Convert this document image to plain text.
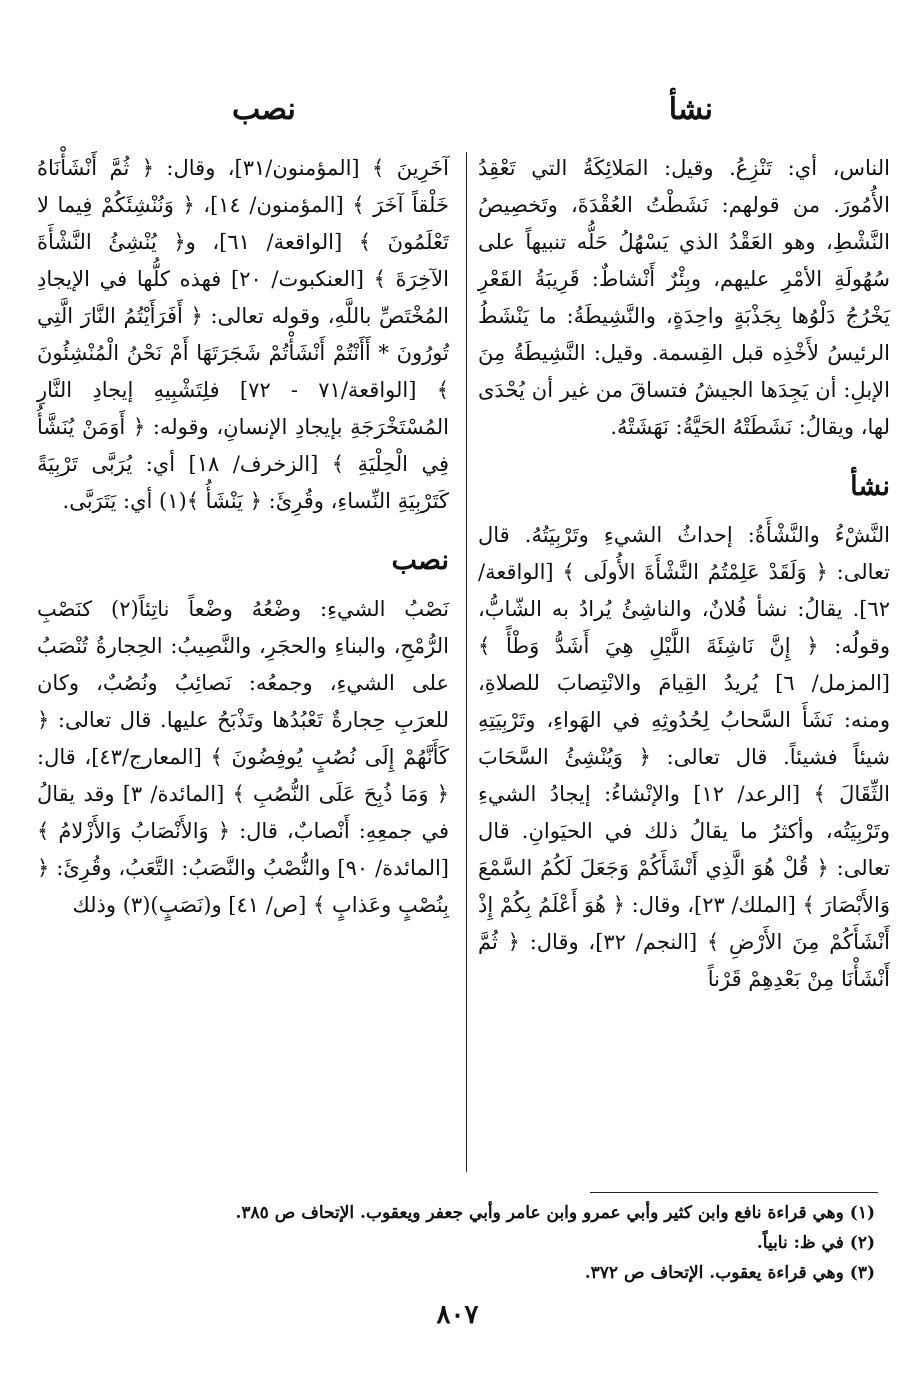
نشأ
نصب

الناس، أي: تَنْزِعُ. وقيل: المَلائِكَةُ التي تَعْقِدُ الأُمُورَ. من قولهم: نَشَطْتُ العُقْدَةَ، وتَخصِيصُ النَّشْطِ، وهو العَقْدُ الذي يَسْهُلُ حَلُّه تنبيهاً على سُهُولَةِ الأمْرِ عليهم، وبِئْرٌ أَنْشاطٌ: قَرِيبَةُ القَعْرِ يَخْرُجُ دَلْوُها بِجَذْبَةٍ واحِدَةٍ، والنَّشِيطَةُ: ما يَنْشَطُ الرئيسُ لأَخْذِه قبل القِسمة. وقيل: النَّشِيطَةُ مِنَ الإبلِ: أن يَجِدَها الجيشُ فتساقَ من غير أن يُحْدَى لها، ويقالُ: نَشَطَتْهُ الحَيَّةُ: نَهَشَتْهُ.

نشأ

النَّشْءُ والنَّشْأَةُ: إحداثُ الشيءِ وتَرْبِيَتُهُ. قال تعالى: ﴿ وَلَقَدْ عَلِمْتُمُ النَّشْأَةَ الأُولَى ﴾ [الواقعة/ ٦٢]. يقالُ: نشأ فُلانٌ، والناشِئُ يُرادُ به الشّابُّ، وقولُه: ﴿ إِنَّ نَاشِئَةَ اللَّيْلِ هِيَ أَشَدُّ وَطْأً ﴾ [المزمل/ ٦] يُريدُ القِيامَ والانْتِصابَ للصلاةِ، ومنه: نَشَأَ السَّحابُ لِحُدُوثِهِ في الهَواءِ، وتَرْبِيَتِهِ شيئاً فشيئاً. قال تعالى: ﴿ وَيُنْشِئُ السَّحَابَ الثِّقَالَ ﴾ [الرعد/ ١٢] والإنْشاءُ: إيجادُ الشيءِ وتَرْبِيَتُه، وأكثرُ ما يقالُ ذلك في الحيَوانِ. قال تعالى: ﴿ قُلْ هُوَ الَّذِي أَنْشَأَكُمْ وَجَعَلَ لَكُمُ السَّمْعَ وَالأَبْصَارَ ﴾ [الملك/ ٢٣]، وقال: ﴿ هُوَ أَعْلَمُ بِكُمْ إِذْ أَنْشَأَكُمْ مِنَ الأَرْضِ ﴾ [النجم/ ٣٢]، وقال: ﴿ ثُمَّ أَنْشَأْنَا مِنْ بَعْدِهِمْ قَرْناً

آخَرِينَ ﴾ [المؤمنون/٣١]، وقال: ﴿ ثُمَّ أَنْشَأْنَاهُ خَلْقاً آخَرَ ﴾ [المؤمنون/ ١٤]، ﴿ وَنُنْشِئَكُمْ فِيما لا تَعْلَمُونَ ﴾ [الواقعة/ ٦١]، و﴿ يُنْشِئُ النَّشْأَةَ الآخِرَةَ ﴾ [العنكبوت/ ٢٠] فهذه كلُّها في الإيجادِ المُخْتَصِّ باللَّهِ، وقوله تعالى: ﴿ أَفَرَأَيْتُمُ النَّارَ الَّتِي تُورُونَ * أَأَنْتُمْ أَنْشَأْتُمْ شَجَرَتَهَا أَمْ نَحْنُ الْمُنْشِئُونَ ﴾ [الواقعة/٧١ - ٧٢] فلِتَشْبِيهِ إيجادِ النَّارِ المُسْتَخْرَجَةِ بإيجادِ الإنسانِ، وقوله: ﴿ أَوَمَنْ يُنَشَّأُ فِي الْحِلْيَةِ ﴾ [الزخرف/ ١٨] أي: يُرَبَّى تَرْبِيَةً كَتَرْبِيَةِ النِّساءِ، وقُرِئَ: ﴿ يَنْشَأُ ﴾(١) أي: يَتَرَبَّى.

نصب

نَصْبُ الشيءِ: وضْعُهُ وضْعاً ناتِئاً(٢) كنَصْبِ الرُّمْحِ، والبناءِ والحجَرِ، والنَّصِيبُ: الحِجارةُ تُنْصَبُ على الشيءِ، وجمعُه: نَصائِبُ ونُصُبٌ، وكان للعرَبِ حِجارةٌ تَعْبُدُها وتَذْبَحُ عليها. قال تعالى: ﴿ كَأَنَّهُمْ إِلَى نُصُبٍ يُوفِضُونَ ﴾ [المعارج/٤٣]، قال: ﴿ وَمَا ذُبِحَ عَلَى النُّصُبِ ﴾ [المائدة/ ٣] وقد يقالُ في جمعِهِ: أَنْصابٌ، قال: ﴿ وَالأَنْصَابُ وَالأَزْلامُ ﴾ [المائدة/ ٩٠] والنُّصْبُ والنَّصَبُ: التَّعَبُ، وقُرِئَ: ﴿ بِنُصْبٍ وعَذابٍ ﴾ [ص/ ٤١] و(نَصَبٍ)(٣) وذلك

(١) وهي قراءة نافع وابن كثير وأبي عمرو وابن عامر وأبي جعفر ويعقوب. الإتحاف ص ٣٨٥.
(٢) في ظ: نابياً.
(٣) وهي قراءة يعقوب. الإتحاف ص ٣٧٢.
٨٠٧
